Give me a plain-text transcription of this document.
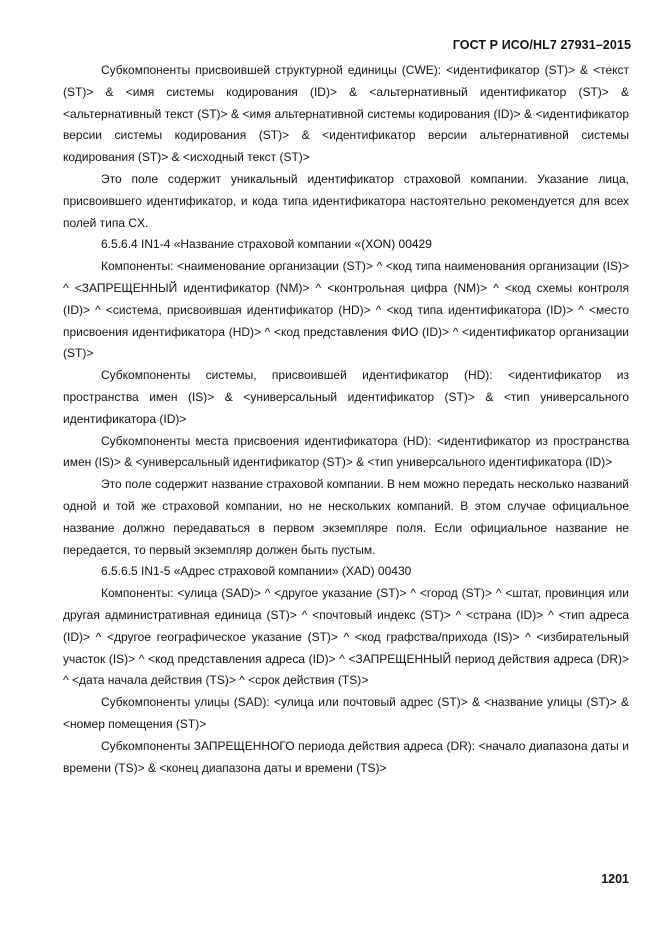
ГОСТ Р ИСО/HL7 27931–2015

Субкомпоненты присвоившей структурной единицы (CWE): <идентификатор (ST)> & <текст (ST)> & <имя системы кодирования (ID)> & <альтернативный идентификатор (ST)> & <альтернативный текст (ST)> & <имя альтернативной системы кодирования (ID)> & <идентификатор версии системы кодирования (ST)> & <идентификатор версии альтернативной системы кодирования (ST)> & <исходный текст (ST)>

Это поле содержит уникальный идентификатор страховой компании. Указание лица, присвоившего идентификатор, и кода типа идентификатора настоятельно рекомендуется для всех полей типа CX.

6.5.6.4 IN1-4 «Название страховой компании «(XON) 00429

Компоненты: <наименование организации (ST)> ^ <код типа наименования организации (IS)> ^ <ЗАПРЕЩЕННЫЙ идентификатор (NM)> ^ <контрольная цифра (NM)> ^ <код схемы контроля (ID)> ^ <система, присвоившая идентификатор (HD)> ^ <код типа идентификатора (ID)> ^ <место присвоения идентификатора (HD)> ^ <код представления ФИО (ID)> ^ <идентификатор организации (ST)>

Субкомпоненты системы, присвоившей идентификатор (HD): <идентификатор из пространства имен (IS)> & <универсальный идентификатор (ST)> & <тип универсального идентификатора (ID)>

Субкомпоненты места присвоения идентификатора (HD): <идентификатор из пространства имен (IS)> & <универсальный идентификатор (ST)> & <тип универсального идентификатора (ID)>

Это поле содержит название страховой компании. В нем можно передать несколько названий одной и той же страховой компании, но не нескольких компаний. В этом случае официальное название должно передаваться в первом экземпляре поля. Если официальное название не передается, то первый экземпляр должен быть пустым.

6.5.6.5 IN1-5 «Адрес страховой компании» (XAD) 00430

Компоненты: <улица (SAD)> ^ <другое указание (ST)> ^ <город (ST)> ^ <штат, провинция или другая административная единица (ST)> ^ <почтовый индекс (ST)> ^ <страна (ID)> ^ <тип адреса (ID)> ^ <другое географическое указание (ST)> ^ <код графства/прихода (IS)> ^ <избирательный участок (IS)> ^ <код представления адреса (ID)> ^ <ЗАПРЕЩЕННЫЙ период действия адреса (DR)> ^ <дата начала действия (TS)> ^ <срок действия (TS)>

Субкомпоненты улицы (SAD): <улица или почтовый адрес (ST)> & <название улицы (ST)> & <номер помещения (ST)>

Субкомпоненты ЗАПРЕЩЕННОГО периода действия адреса (DR): <начало диапазона даты и времени (TS)> & <конец диапазона даты и времени (TS)>

1201
